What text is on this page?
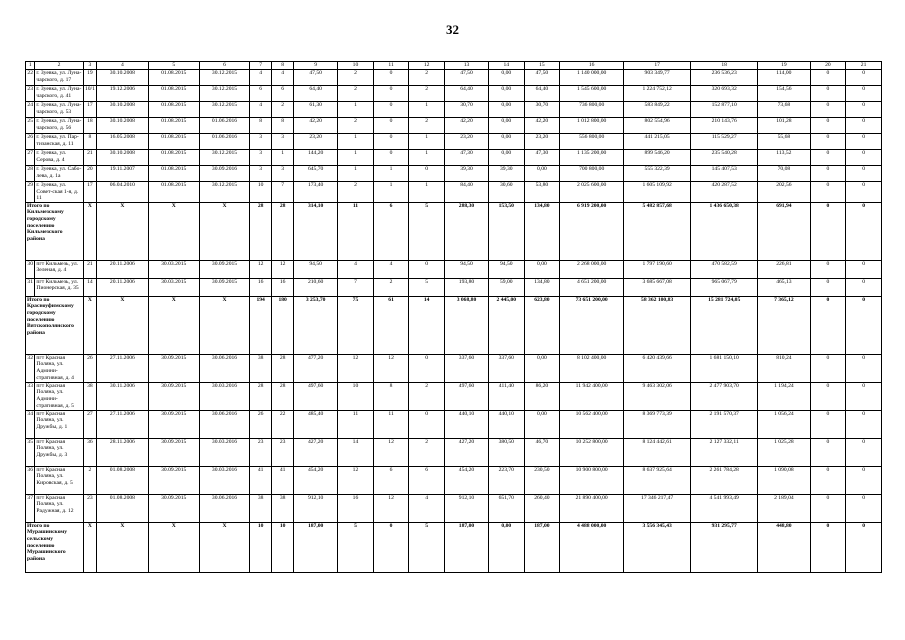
32
1	2	3	4	5	6	7	8	9	10	11	12	13	14	15	16	17	18	19	20	21
22	г. Зуевка, ул. Луна-чарского, д. 17	19	30.10.2008	01.08.2015	30.12.2015	4	4	47,50	2	0	2	47,50	0,00	47,50	1 140 000,00	903 349,77	236 536,23	114,00	0	0
23	г. Зуевка, ул. Луна-чарского, д. 41	10/1	19.12.2006	01.08.2015	30.12.2015	6	6	64,40	2	0	2	64,40	0,00	64,40	1 545 600,00	1 224 752,12	320 693,32	154,56	0	0
24	г. Зуевка, ул. Луна-чарского, д. 53	17	30.10.2008	01.08.2015	30.12.2015	4	2	61,30	1	0	1	30,70	0,00	30,70	736 800,00	583 849,22	152 877,10	73,68	0	0
25	г. Зуевка, ул. Луна-чарского, д. 56	18	30.10.2008	01.08.2015	01.06.2016	8	8	42,20	2	0	2	42,20	0,00	42,20	1 012 800,00	802 554,96	210 143,76	101,28	0	0
26	г. Зуевка, ул. Пар-тизанская, д. 11	8	16.05.2008	01.08.2015	01.06.2016	3	3	23,20	1	0	1	23,20	0,00	23,20	556 800,00	441 215,05	115 529,27	55,68	0	0
27	г. Зуевка, ул. Серова, д. 4	21	30.10.2008	01.08.2015	30.12.2015	3	1	144,20	1	0	1	47,30	0,00	47,30	1 135 200,00	899 546,20	235 540,28	113,52	0	0
28	г. Зуевка, ул. Сабо-лева, д. 1а	20	19.11.2007	01.08.2015	30.09.2016	3	3	645,70	1	1	0	39,30	39,30	0,00	700 800,00	555 322,39	145 407,53	70,08	0	0
29	г. Зуевка, ул. Совет-ская 1-я, д. 11	17	06.04.2010	01.08.2015	30.12.2015	10	7	173,40	2	1	1	84,40	30,60	53,80	2 025 600,00	1 605 109,92	420 287,52	202,56	0	0
Итого по Кильмезскому городскому поселению Кильмезского района		X	X	X	X	28	28	314,10	11	6	5	288,30	153,50	134,80	6 919 200,00	5 482 857,68	1 436 650,38	691,94	0	0
30	пгт Кильмезь, ул. Зеленая, д. 4	21	20.11.2006	30.03.2015	30.09.2015	12	12	94,50	4	4	0	94,50	94,50	0,00	2 268 000,00	1 797 190,60	470 582,59	226,81	0	0
31	пгт Кильмезь, ул. Пионерская, д. 35	14	20.11.2006	30.03.2015	30.09.2015	16	16	210,60	7	2	5	193,80	59,00	134,80	4 651 200,00	3 685 667,08	965 067,79	465,13	0	0
Итого по Красноуфимскому городскому поселению Вятскополянского района		X	X	X	X	194	180	3 253,70	75	61	14	3 068,80	2 445,00	623,80	73 651 200,00	58 362 100,83	15 281 724,05	7 365,12	0	0
32	пгт Красная Поляна, ул. Админи-стративная, д. 4	26	27.11.2006	30.09.2015	30.06.2016	38	28	477,20	12	12	0	337,60	337,60	0,00	8 102 400,00	6 420 439,66	1 681 150,10	810,24	0	0
33	пгт Красная Поляна, ул. Админи-стративная, д. 5	38	30.11.2006	30.09.2015	30.03.2016	28	28	497,60	10	8	2	497,60	411,40	86,20	11 942 400,00	9 463 302,06	2 477 903,70	1 194,24	0	0
34	пгт Красная Поляна, ул. Дружбы, д. 1	27	27.11.2006	30.09.2015	30.06.2016	26	22	485,40	11	11	0	440,10	440,10	0,00	10 562 400,00	8 369 773,39	2 191 570,37	1 056,24	0	0
35	пгт Красная Поляна, ул. Дружбы, д. 3	36	28.11.2006	30.09.2015	30.03.2016	23	23	427,20	14	12	2	427,20	380,50	46,70	10 252 800,00	8 124 442,61	2 127 332,11	1 025,28	0	0
36	пгт Красная Поляна, ул. Кировская, д. 5	2	01.08.2008	30.09.2015	30.03.2016	41	41	454,20	12	6	6	454,20	223,70	230,50	10 900 800,00	8 637 925,64	2 261 784,28	1 090,08	0	0
37	пгт Красная Поляна, ул. Радужная, д. 12	23	01.08.2008	30.09.2015	30.06.2016	38	38	912,10	16	12	4	912,10	651,70	260,40	21 890 400,00	17 346 217,47	4 541 993,49	2 189,04	0	0
Итого по Мурашинскому сельскому поселению Мурашинского района		X	X	X	X	10	10	187,00	5	0	5	187,00	0,00	187,00	4 488 000,00	3 556 345,43	931 295,77	448,80	0	0
